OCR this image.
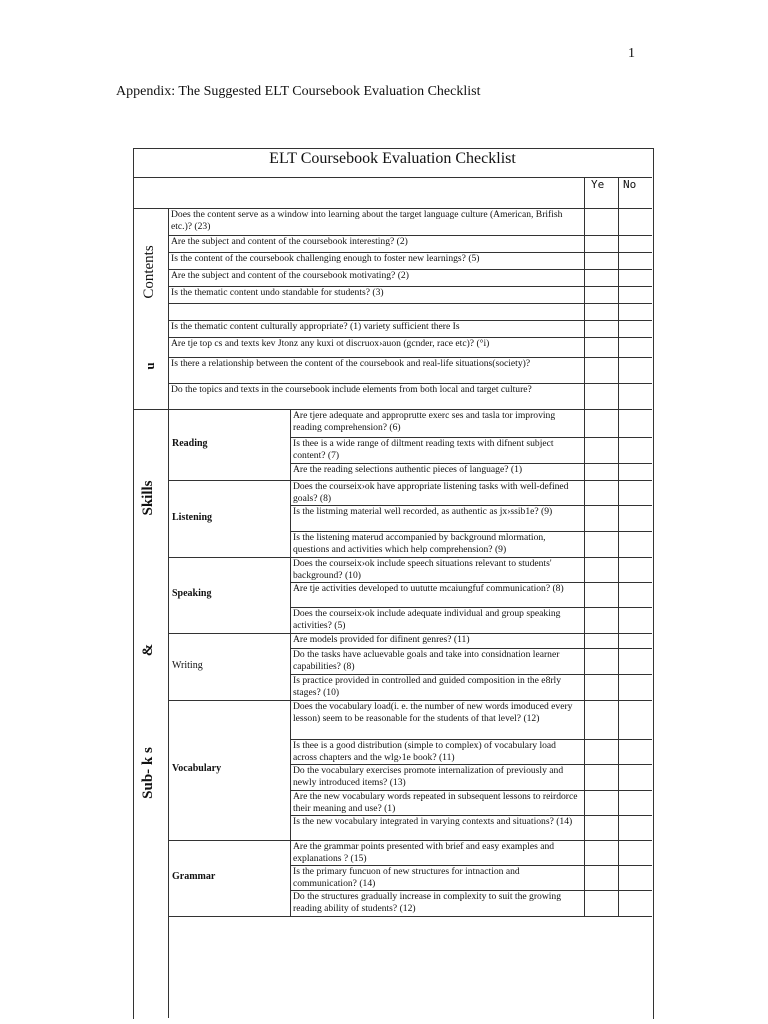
1
Appendix: The Suggested ELT Coursebook Evaluation Checklist
ELT Coursebook Evaluation Checklist
Ye	No
Contents
u
Does the content serve as a window into learning about the target language culture (American, Brifish etc.)? (23)
Are the subject and content of the coursebook interesting? (2)
Is the content of the coursebook challenging enough to foster new learnings? (5)
Are the subject and content of the coursebook motivating? (2)
Is the thematic content undo standable for students? (3)
Is the thematic content culturally appropriate? (1) variety sufficient there Is
Are tje top cs and texts kev Jtonz any kuxi ot discruox›auon (gcnder, race etc)? (°i)
Is there a relationship between the content of the coursebook and real-life situations(society)?
Do the topics and texts in the coursebook include elements from both local and target culture?
Skills
&
Sub- k s
Reading
Are tjere adequate and approprutte exerc ses and tasla tor improving reading comprehension? (6)
Is thee is a wide range of diltment reading texts with difnent subject content? (7)
Are the reading selections authentic pieces of language? (1)
Listening
Does the courseix›ok have appropriate listening tasks with well-defined goals? (8)
Is the listming material well recorded, as authentic as jx›ssib1e? (9)
Is the listening materud accompanied by background mlormation, questions and activities which help comprehension? (9)
Speaking
Does the courseix›ok include speech situations relevant to students' background? (10)
Are tje activities developed to uututte mcaiungfuf communication? (8)
Does the courseix›ok include adequate individual and group speaking activities? (5)
Writing
Are models provided for difinent genres? (11)
Do the tasks have acluevable goals and take into considnation learner capabilities? (8)
Is practice provided in controlled and guided composition in the e8rly stages? (10)
Vocabulary
Does the vocabulary load(i. e. the number of new words imoduced every lesson) seem to be reasonable for the students of that level? (12)
Is thee is a good distribution (simple to complex) of vocabulary load across chapters and the wlg›1e book? (11)
Do the vocabulary exercises promote internalization of previously and newly introduced items? (13)
Are the new vocabulary words repeated in subsequent lessons to reirdorce their meaning and use? (1)
Is the new vocabulary integrated in varying contexts and situations? (14)
Grammar
Are the grammar points presented with brief and easy examples and explanations ? (15)
Is the primary funcuon of new structures for intnaction and communication? (14)
Do the structures gradually increase in complexity to suit the growing reading ability of students? (12)
